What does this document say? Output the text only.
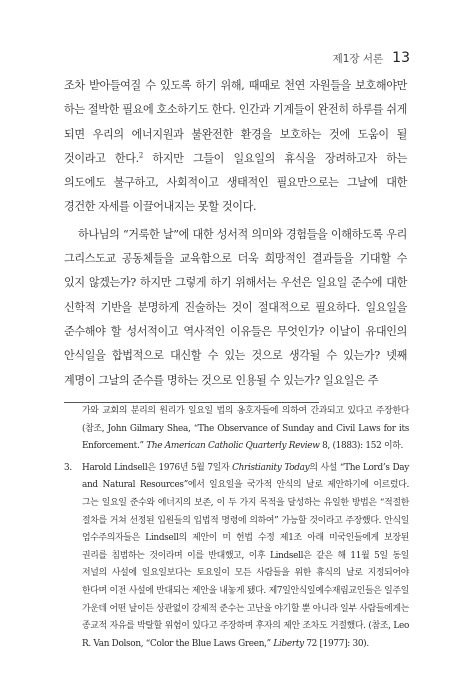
제1장 서론 13

조차 받아들여질 수 있도록 하기 위해, 때때로 천연 자원들을 보호해야만 하는 절박한 필요에 호소하기도 한다. 인간과 기계들이 완전히 하루를 쉬게 되면 우리의 에너지원과 불완전한 환경을 보호하는 것에 도움이 될 것이라고 한다.$^2$ 하지만 그들이 일요일의 휴식을 장려하고자 하는 의도에도 불구하고, 사회적이고 생태적인 필요만으로는 그날에 대한 경건한 자세를 이끌어내지는 못할 것이다.

하나님의 “거룩한 날”에 대한 성서적 의미와 경험들을 이해하도록 우리 그리스도교 공동체들을 교육함으로 더욱 희망적인 결과들을 기대할 수 있지 않겠는가? 하지만 그렇게 하기 위해서는 우선은 일요일 준수에 대한 신학적 기반을 분명하게 진술하는 것이 절대적으로 필요하다. 일요일을 준수해야 할 성서적이고 역사적인 이유들은 무엇인가? 이날이 유대인의 안식일을 합법적으로 대신할 수 있는 것으로 생각될 수 있는가? 넷째 계명이 그날의 준수를 명하는 것으로 인용될 수 있는가? 일요일은 주

가와 교회의 분리의 원리가 일요일 법의 옹호자들에 의하여 간과되고 있다고 주장한다(참조, John Gilmary Shea, “The Observance of Sunday and Civil Laws for its Enforcement.” The American Catholic Quarterly Review 8, (1883): 152 이하.

3.	Harold Lindsell은 1976년 5월 7일자 Christianity Today의 사설 “The Lord’s Day and Natural Resources”에서 일요일을 국가적 안식의 날로 제안하기에 이르렀다. 그는 일요일 준수와 에너지의 보존, 이 두 가지 목적을 달성하는 유일한 방법은 “적절한 절차를 거쳐 선정된 입원들의 입법적 명령에 의하여” 가능할 것이라고 주장했다. 안식일 엄수주의자들은 Lindsell의 제안이 미 헌법 수정 제1조 아래 미국인들에게 보장된 권리를 침범하는 것이라며 이를 반대했고, 이후 Lindsell은 같은 해 11월 5일 동일 저널의 사설에 일요일보다는 토요일이 모든 사람들을 위한 휴식의 날로 지정되어야 한다며 이전 사설에 반대되는 제안을 내놓게 됐다. 제7일안식일예수재림교인들은 일주일 가운데 어떤 날이든 상관없이 강제적 준수는 고난을 야기할 뿐 아니라 일부 사람들에게는 종교적 자유를 박탈할 위험이 있다고 주장하며 후자의 제안 조차도 거절했다. (참조, Leo R. Van Dolson, “Color the Blue Laws Green,” Liberty 72 [1977]: 30).
